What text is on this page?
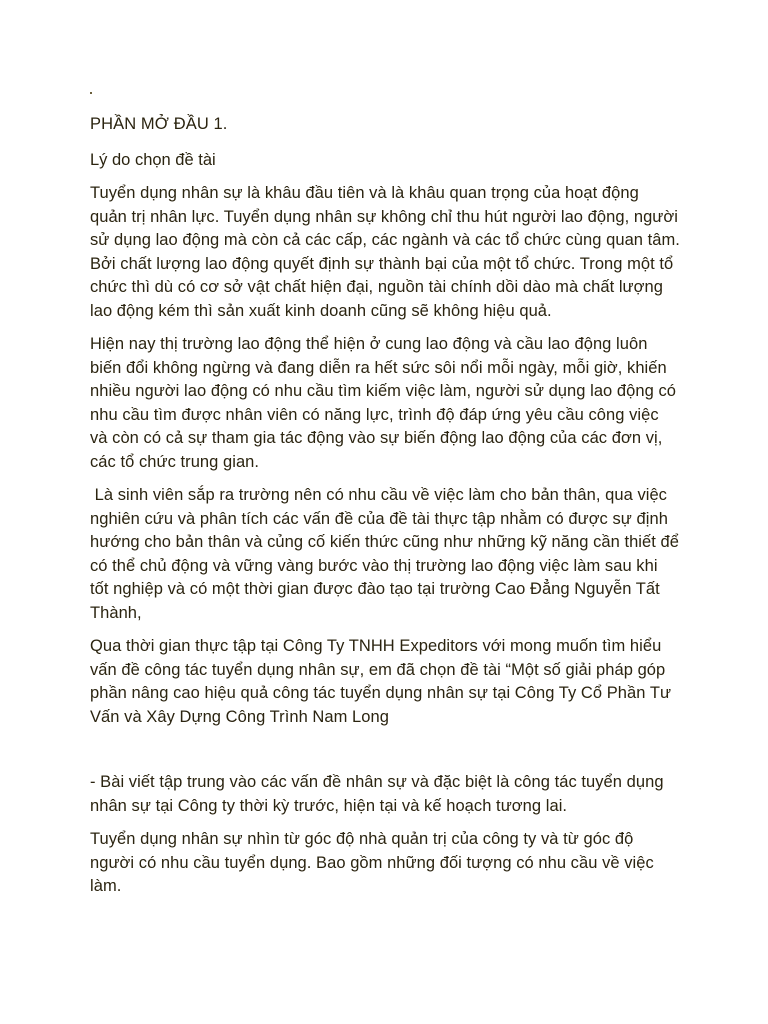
PHẦN MỞ ĐẦU 1.
Lý do chọn đề tài

Tuyển dụng nhân sự là khâu đầu tiên và là khâu quan trọng của hoạt động quản trị nhân lực. Tuyển dụng nhân sự không chỉ thu hút người lao động, người sử dụng lao động mà còn cả các cấp, các ngành và các tổ chức cùng quan tâm. Bởi chất lượng lao động quyết định sự thành bại của một tổ chức. Trong một tổ chức thì dù có cơ sở vật chất hiện đại, nguồn tài chính dồi dào mà chất lượng lao động kém thì sản xuất kinh doanh cũng sẽ không hiệu quả.

Hiện nay thị trường lao động thể hiện ở cung lao động và cầu lao động luôn biến đổi không ngừng và đang diễn ra hết sức sôi nổi mỗi ngày, mỗi giờ, khiến nhiều người lao động có nhu cầu tìm kiếm việc làm, người sử dụng lao động có nhu cầu tìm được nhân viên có năng lực, trình độ đáp ứng yêu cầu công việc và còn có cả sự tham gia tác động vào sự biến động lao động của các đơn vị, các tổ chức trung gian.

Là sinh viên sắp ra trường nên có nhu cầu về việc làm cho bản thân, qua việc nghiên cứu và phân tích các vấn đề của đề tài thực tập nhằm có được sự định hướng cho bản thân và củng cố kiến thức cũng như những kỹ năng cần thiết để có thể chủ động và vững vàng bước vào thị trường lao động việc làm sau khi tốt nghiệp và có một thời gian được đào tạo tại trường Cao Đẳng Nguyễn Tất Thành,

Qua thời gian thực tập tại Công Ty TNHH Expeditors với mong muốn tìm hiểu vấn đề công tác tuyển dụng nhân sự, em đã chọn đề tài “Một số giải pháp góp phần nâng cao hiệu quả công tác tuyển dụng nhân sự tại Công Ty Cổ Phần Tư Vấn và Xây Dựng Công Trình Nam Long

- Bài viết tập trung vào các vấn đề nhân sự và đặc biệt là công tác tuyển dụng nhân sự tại Công ty thời kỳ trước, hiện tại và kế hoạch tương lai.

Tuyển dụng nhân sự nhìn từ góc độ nhà quản trị của công ty và từ góc độ người có nhu cầu tuyển dụng. Bao gồm những đối tượng có nhu cầu về việc làm.
